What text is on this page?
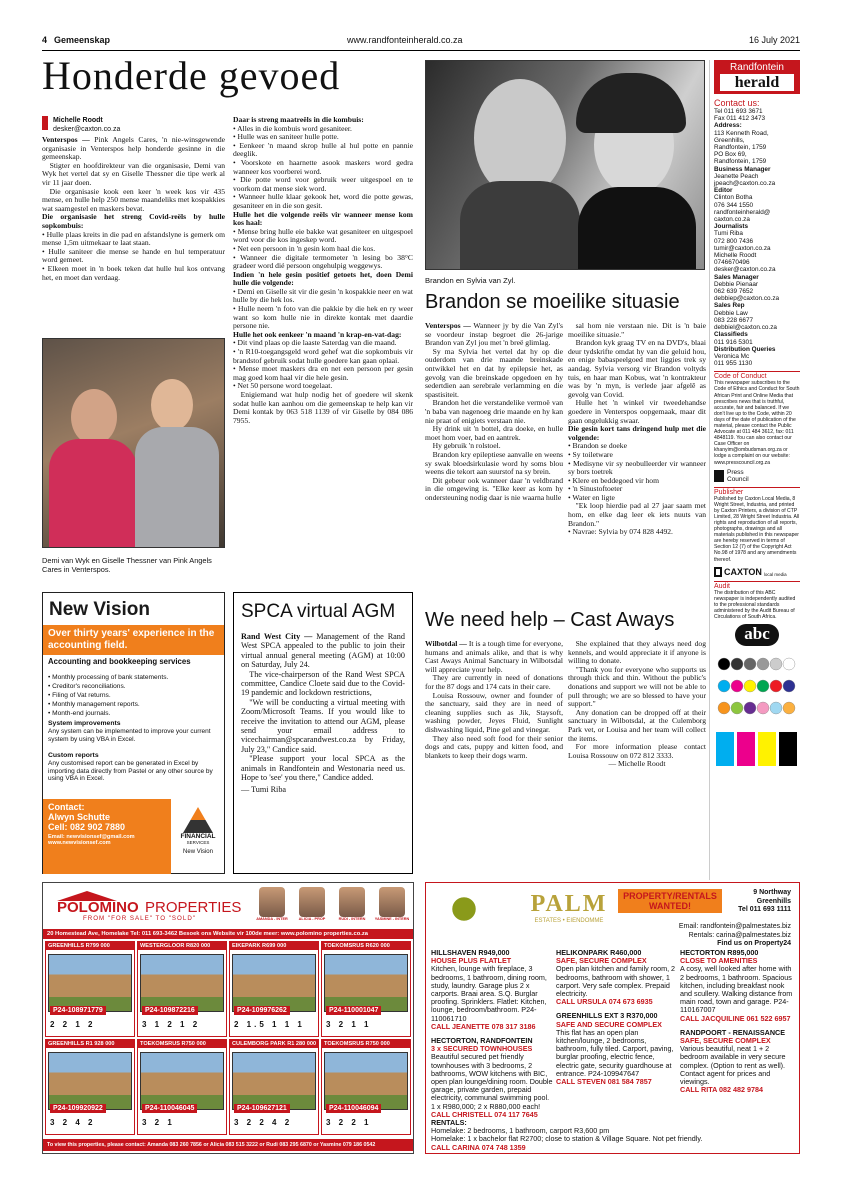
4 Gemeenskap	www.randfonteinherald.co.za	16 July 2021
Honderde gevoed

Michelle Roodt
desker@caxton.co.za

Venterspos — Pink Angels Cares, 'n nie-winsgewende organisasie in Venterspos help honderde gesinne in die gemeenskap.

 Stigter en hoofdirekteur van die organisasie, Demi van Wyk het vertel dat sy en Giselle Thessner die tipe werk al vir 11 jaar doen.

 Die organisasie kook een keer 'n week kos vir 435 mense, en hulle help 250 mense maandeliks met kospakkies wat saamgestel en maskers bevat.

Die organisasie het streng Covid-reëls by hulle sopkombuis:

• Hulle plaas kreits in die pad en afstandslyne is gemerk om mense 1,5m uitmekaar te laat staan.

• Hulle saniteer die mense se hande en hul temperatuur word gemeet.

• Elkeen moet in 'n boek teken dat hulle hul kos ontvang het, en moet dan verdaag.

Demi van Wyk en Giselle Thessner van Pink Angels Cares in Venterspos.

Daar is streng maatreëls in die kombuis:

• Alles in die kombuis word gesaniteer.

• Hulle was en saniteer hulle potte.

• Eenkeer 'n maand skrop hulle al hul potte en pannie deeglik.

• Voorskote en haarnette asook maskers word gedra wanneer kos voorberei word.

• Die potte word voor gebruik weer uitgespoel en te voorkom dat mense siek word.

• Wanneer hulle klaar gekook het, word die potte gewas, gesaniteer en in die son gesit.

Hulle het die volgende reëls vir wanneer mense kom kos haal:

• Mense bring hulle eie bakke wat gesaniteer en uitgespoel word voor die kos ingeskep word.

• Net een persoon in 'n gesin kom haal die kos.

• Wanneer die digitale termometer 'n lesing bo 38°C gradeer word dié persoon ongehulpig weggewys.

Indien 'n hele gesin positief getoets het, doen Demi hulle die volgende:

• Demi en Giselle sit vir die gesin 'n kospakkie neer en wat hulle by die hek los.

• Hulle neem 'n foto van die pakkie by die hek en ry weer want so kom hulle nie in direkte kontak met daardie persone nie.

Hulle het ook eenkeer 'n maand 'n krap-en-vat-dag:

• Dit vind plaas op die laaste Saterdag van die maand.

• 'n R10-toegangsgeld word gehef wat die sopkombuis vir brandstof gebruik sodat hulle goedere kan gaan oplaai.

• Mense moet maskers dra en net een persoon per gesin mag goed kom haal vir die hele gesin.

• Net 50 persone word toegelaat.

 Enigiemand wat hulp nodig het of goedere wil skenk sodat hulle kan aanhou om die gemeenskap te help kan vir Demi kontak by 063 518 1139 of vir Giselle by 084 086 7955.

Brandon en Sylvia van Zyl.
Brandon se moeilike situasie

Venterspos — Wanneer jy by die Van Zyl's se voordeur instap begroet die 26-jarige Brandon van Zyl jou met 'n breë glimlag.

 Sy ma Sylvia het vertel dat hy op die ouderdom van drie maande breinskade ontwikkel het en dat hy epilepsie het, as gevolg van die breinskade opgedoen en hy sedertdien aan serebrale verlamming en die spastisiteit.

 Brandon het die verstandelike vermoë van 'n baba van nagenoeg drie maande en hy kan nie praat of enigiets verstaan nie.

 Hy drink uit 'n bottel, dra doeke, en hulle moet hom voer, bad en aantrek.

 Hy gebruik 'n rolstoel.

 Brandon kry epileptiese aanvalle en weens sy swak bloedsirkulasie word hy soms blou weens die tekort aan suurstof na sy brein.

 Dit gebeur ook wanneer daar 'n veldbrand in die omgewing is. "Elke keer as kom hy ondersteuning nodig daar is nie waarna hulle

 sal hom nie verstaan nie. Dit is 'n baie moeilike situasie."

 Brandon kyk graag TV en na DVD's, blaai deur tydskrifte omdat hy van die geluid hou, en enige babaspeelgoed met liggies trek sy aandag. Sylvia versorg vir Brandon voltyds tuis, en haar man Kobus, wat 'n kontrakteur was by 'n myn, is verlede jaar afgelê as gevolg van Covid.

 Hulle het 'n winkel vir tweedehandse goedere in Venterspos oopgemaak, maar dit gaan ongelukkig swaar.

Die gesin kort tans dringend hulp met die volgende:

• Brandon se doeke

• Sy toiletware

• Medisyne vir sy neobulleerder vir wanneer sy bors toetrek

• Klere en beddegoed vir hom

• 'n Sinustoftoeter

• Water en ligte

 "Ek loop hierdie pad al 27 jaar saam met hom, en elke dag leer ek iets nuuts van Brandon."

• Navrae: Sylvia by 074 828 4492.

New Vision
Over thirty years' experience in the accounting field.
Accounting and bookkeeping services
• Monthly processing of bank statements.
• Creditor's reconciliations.
• Filing of Vat returns.
• Monthly management reports.
• Month-end journals.
System improvements
Any system can be implemented to improve your current system by using VBA in Excel.
Custom reports
Any customised report can be generated in Excel by importing data directly from Pastel or any other source by using VBA in Excel.
Contact:
Alwyn Schutte
Cell: 082 902 7880
Email: newvisionsef@gmail.com
www.newvisionsef.com
FINANCIAL
SERVICES
New Vision
SPCA virtual AGM

Rand West City — Management of the Rand West SPCA appealed to the public to join their virtual annual general meeting (AGM) at 10:00 on Saturday, July 24.

 The vice-chairperson of the Rand West SPCA committee, Candice Cloete said due to the Covid-19 pandemic and lockdown restrictions,

 "We will be conducting a virtual meeting with Zoom/Microsoft Teams. If you would like to receive the invitation to attend our AGM, please send your email address to vicechairman@spcarandwest.co.za by Friday, July 23," Candice said.

 "Please support your local SPCA as the animals in Randfontein and Westonaria need us. Hope to 'see' you there," Candice added.

— Tumi Riba

We need help – Cast Aways

Wilbotdal — It is a tough time for everyone, humans and animals alike, and that is why Cast Aways Animal Sanctuary in Wilbotsdal will appreciate your help.

 They are currently in need of donations for the 87 dogs and 174 cats in their care.

 Louisa Rossouw, owner and founder of the sanctuary, said they are in need of cleaning supplies such as Jik, Staysoft, washing powder, Jeyes Fluid, Sunlight dishwashing liquid, Pine gel and vinegar.

 They also need soft food for their senior dogs and cats, puppy and kitten food, and blankets to keep their dogs warm.

 She explained that they always need dog kennels, and would appreciate it if anyone is willing to donate.

 "Thank you for everyone who supports us through thick and thin. Without the public's donations and support we will not be able to pull through; we are so blessed to have your support."

 Any donation can be dropped off at their sanctuary in Wilbotsdal, at the Culemborg Park vet, or Louisa and her team will collect the items.

 For more information please contact Louisa Rossouw on 072 812 3333.

— Michelle Roodt

Randfontein
herald
Contact us:

Tel 011 693 3671

Fax 011 412 3473

Address:

113 Kenneth Road,

Greenhills,

Randfontein, 1759

PO Box 69,

Randfontein, 1759

Business Manager

Jeanette Peach

jpeach@caxton.co.za

Editor

Clinton Botha

076 344 1550

randfonteinherald@

caxton.co.za

Journalists

Tumi Riba

072 800 7436

tumir@caxton.co.za

Michelle Roodt

0746670496

desker@caxton.co.za

Sales Manager

Debbie Pienaar

062 639 7652

debbiep@caxton.co.za

Sales Rep

Debbie Law

083 228 6677

debbiel@caxton.co.za

Classifieds

011 916 5301

Distribution Queries

Veronica Mc

011 955 1130

Code of Conduct

This newspaper subscribes to the Code of Ethics and Conduct for South African Print and Online Media that prescribes news that is truthful, accurate, fair and balanced. If we don't live up to the Code, within 20 days of the date of publication of the material, please contact the Public Advocate at 011 484 3612, fax: 011 4848119. You can also contact our Case Officer on khanyim@ombudsman.org.za or lodge a complaint on our website: www.presscouncil.org.za

Press Council
Publisher

Published by Caxton Local Media, 8 Wright Street, Industria, and printed by Caxton Printers, a division of CTP Limited, 28 Wright Street Industria. All rights and reproduction of all reports, photographs, drawings and all materials published in this newspaper are hereby reserved in terms of Section 12 (7) of the Copyright Act No.98 of 1978 and any amendments thereof.

CAXTON local media
Audit

The distribution of this ABC newspaper is independently audited to the professional standards administered by the Audit Bureau of Circulations of South Africa.

abc
POLOMINO PROPERTIES
FROM "FOR SALE" TO "SOLD"	AMANDA - INTER	ALICIA - PROP	RUDI - INTERN	YASMINE - INTERN
20 Homestead Ave, Homelake Tel: 011 693-3462 Besoek ons Website vir 100de meer: www.polomino properties.co.za
GREENHILLS R799 000
P24-108971779
2 2 1 2
WESTERGLOOR R820 000
P24-109872216
3 1 2 1 2
EIKEPARK R699 000
P24-109976262
2 1.5 1 1 1
TOEKOMSRUS R620 000
P24-110001047
3 2 1 1
GREENHILLS R1 928 000
P24-109920922
3 2 4 2
TOEKOMSRUS R750 000
P24-110046045
3 2 1
CULEMBORG PARK R1 280 000
P24-109627121
3 2 2 4 2
TOEKOMSRUS R750 000
P24-110046094
3 2 2 1
To view this properties, please contact: Amanda 083 260 7856 or Alicia 083 515 3222 or Rudi 083 295 6870 or Yasmine 079 186 0542
PALM
ESTATES • EIENDOMME
PROPERTY/RENTALS WANTED!
9 Northway
Greenhills
Tel 011 693 1111
Email: randfontein@palmestates.biz
Rentals: carina@palmestates.biz
Find us on Property24
HILLSHAVEN R949,000
HOUSE PLUS FLATLET
Kitchen, lounge with fireplace, 3 bedrooms, 1 bathroom, dining room, study, laundry. Garage plus 2 x carports. Braai area. S.Q. Burglar proofing. Sprinklers. Flatlet: Kitchen, lounge, bedroom/bathroom. P24-110061710
CALL JEANETTE 078 317 3186
HECTORTON, RANDFONTEIN
3 x SECURED TOWNHOUSES
Beautiful secured pet friendly townhouses with 3 bedrooms, 2 bathrooms, WOW kitchens with BIC, open plan lounge/dining room. Double garage, private garden, prepaid electricity, communal swimming pool. 1 x R980,000; 2 x R880,000 each!
CALL CHRISTELL 074 117 7645
HELIKONPARK R460,000
SAFE, SECURE COMPLEX
Open plan kitchen and family room, 2 bedrooms, bathroom with shower, 1 carport. Very safe complex. Prepaid electricity.
CALL URSULA 074 673 6935
GREENHILLS EXT 3 R370,000
SAFE AND SECURE COMPLEX
This flat has an open plan kitchen/lounge, 2 bedrooms, bathroom, fully tiled. Carport, paving, burglar proofing, electric fence, electric gate, security guardhouse at entrance. P24-109947647
CALL STEVEN 081 584 7857
HECTORTON R895,000
CLOSE TO AMENITIES
A cosy, well looked after home with 2 bedrooms, 1 bathroom. Spacious kitchen, including breakfast nook and scullery. Walking distance from main road, town and garage. P24-110167007
CALL JACQUILINE 061 522 6957
RANDPOORT - RENAISSANCE
SAFE, SECURE COMPLEX
Various beautiful, neat 1 + 2 bedroom available in very secure complex. (Option to rent as well). Contact agent for prices and viewings.
CALL RITA 082 482 9784
RENTALS:
Homelake: 2 bedrooms, 1 bathroom, carport R3,600 pm
Homelake: 1 x bachelor flat R2700; close to station & Village Square. Not pet friendly.
CALL CARINA 074 748 1359
